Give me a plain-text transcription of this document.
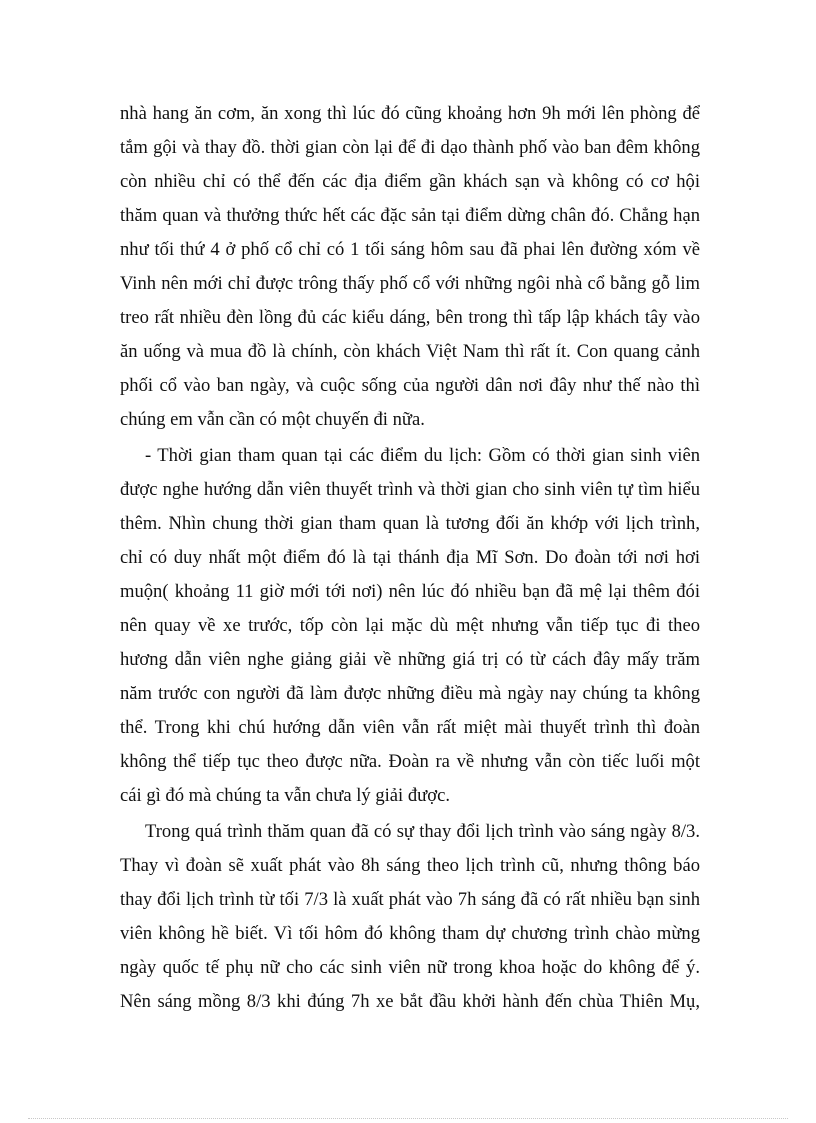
nhà hang ăn cơm, ăn xong thì lúc đó cũng khoảng hơn 9h mới lên phòng để
tắm gội và thay đồ. thời gian còn lại để đi dạo thành phố vào ban đêm không
còn nhiều chỉ có thể đến các địa điểm gần khách sạn và không có cơ hội
thăm quan và thưởng thức hết các đặc sản tại điểm dừng chân đó. Chẳng hạn
như tối thứ 4 ở phố cổ chỉ có 1 tối sáng hôm sau đã phai lên đường xóm về
Vinh nên mới chỉ được trông thấy phố cổ với những ngôi nhà cổ bằng gỗ lim
treo rất nhiều đèn lồng đủ các kiểu dáng, bên trong thì tấp lập khách tây vào
ăn uống và mua đồ là chính, còn khách Việt Nam thì rất ít. Con quang cảnh
phối cổ vào ban ngày, và cuộc sống của người dân nơi đây như thế nào thì
chúng em vẫn cần có một chuyến đi nữa.
- Thời gian tham quan tại các điểm du lịch: Gồm có thời gian sinh viên
được nghe hướng dẫn viên thuyết trình và thời gian cho sinh viên tự tìm hiểu
thêm. Nhìn chung thời gian tham quan là tương đối ăn khớp với lịch trình,
chỉ có duy nhất một điểm đó là tại thánh địa Mĩ Sơn. Do đoàn tới nơi hơi
muộn( khoảng 11 giờ mới tới nơi) nên lúc đó nhiều bạn đã mệ lại thêm đói
nên quay về xe trước, tốp còn lại mặc dù mệt nhưng vẫn tiếp tục đi theo
hương dẫn viên nghe giảng giải về những giá trị có từ cách đây mấy trăm
năm trước con người đã làm được những điều mà ngày nay chúng ta không
thể. Trong khi chú hướng dẫn viên vẫn rất miệt mài thuyết trình thì đoàn
không thể tiếp tục theo được nữa. Đoàn ra về nhưng vẫn còn tiếc luối một
cái gì đó mà chúng ta vẫn chưa lý giải được.
Trong quá trình thăm quan đã có sự thay đổi lịch trình vào sáng ngày 8/3.
Thay vì đoàn sẽ xuất phát vào 8h sáng theo lịch trình cũ, nhưng thông báo
thay đổi lịch trình từ tối 7/3 là xuất phát vào 7h sáng đã có rất nhiều bạn sinh
viên không hề biết. Vì tối hôm đó không tham dự chương trình chào mừng
ngày quốc tế phụ nữ cho các sinh viên nữ trong khoa hoặc do không để ý.
Nên sáng mồng 8/3 khi đúng 7h xe bắt đầu khởi hành đến chùa Thiên Mụ,
